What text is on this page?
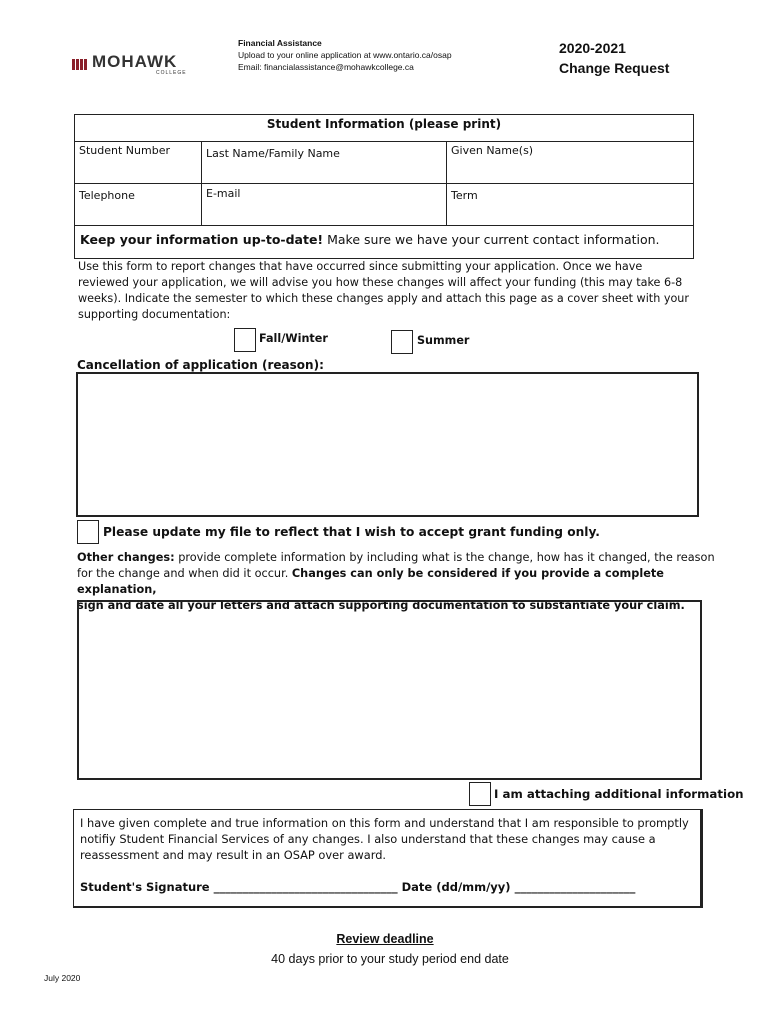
MOHAWK
COLLEGE
Financial Assistance
Upload to your online application at www.ontario.ca/osap
Email: financialassistance@mohawkcollege.ca
2020-2021
Change Request
Student Information (please print)		
Student Number	Last Name/Family Name	Given Name(s)
Telephone	E-mail	Term
Keep your information up-to-date! Make sure we have your current contact information.		
Use this form to report changes that have occurred since submitting your application. Once we have
reviewed your application, we will advise you how these changes will affect your funding (this may take 6-8
weeks). Indicate the semester to which these changes apply and attach this page as a cover sheet with your
supporting documentation:
Fall/Winter	Summer
Cancellation of application (reason):
Please update my file to reflect that I wish to accept grant funding only.
Other changes: provide complete information by including what is the change, how has it changed, the reason
for the change and when did it occur. Changes can only be considered if you provide a complete explanation,
sign and date all your letters and attach supporting documentation to substantiate your claim.
I am attaching additional information
I have given complete and true information on this form and understand that I am responsible to promptly
notifiy Student Financial Services of any changes. I also understand that these changes may cause a
reassessment and may result in an OSAP over award.
Student's Signature ________________________________ Date (dd/mm/yy) _____________________
Review deadline
40 days prior to your study period end date
July 2020
